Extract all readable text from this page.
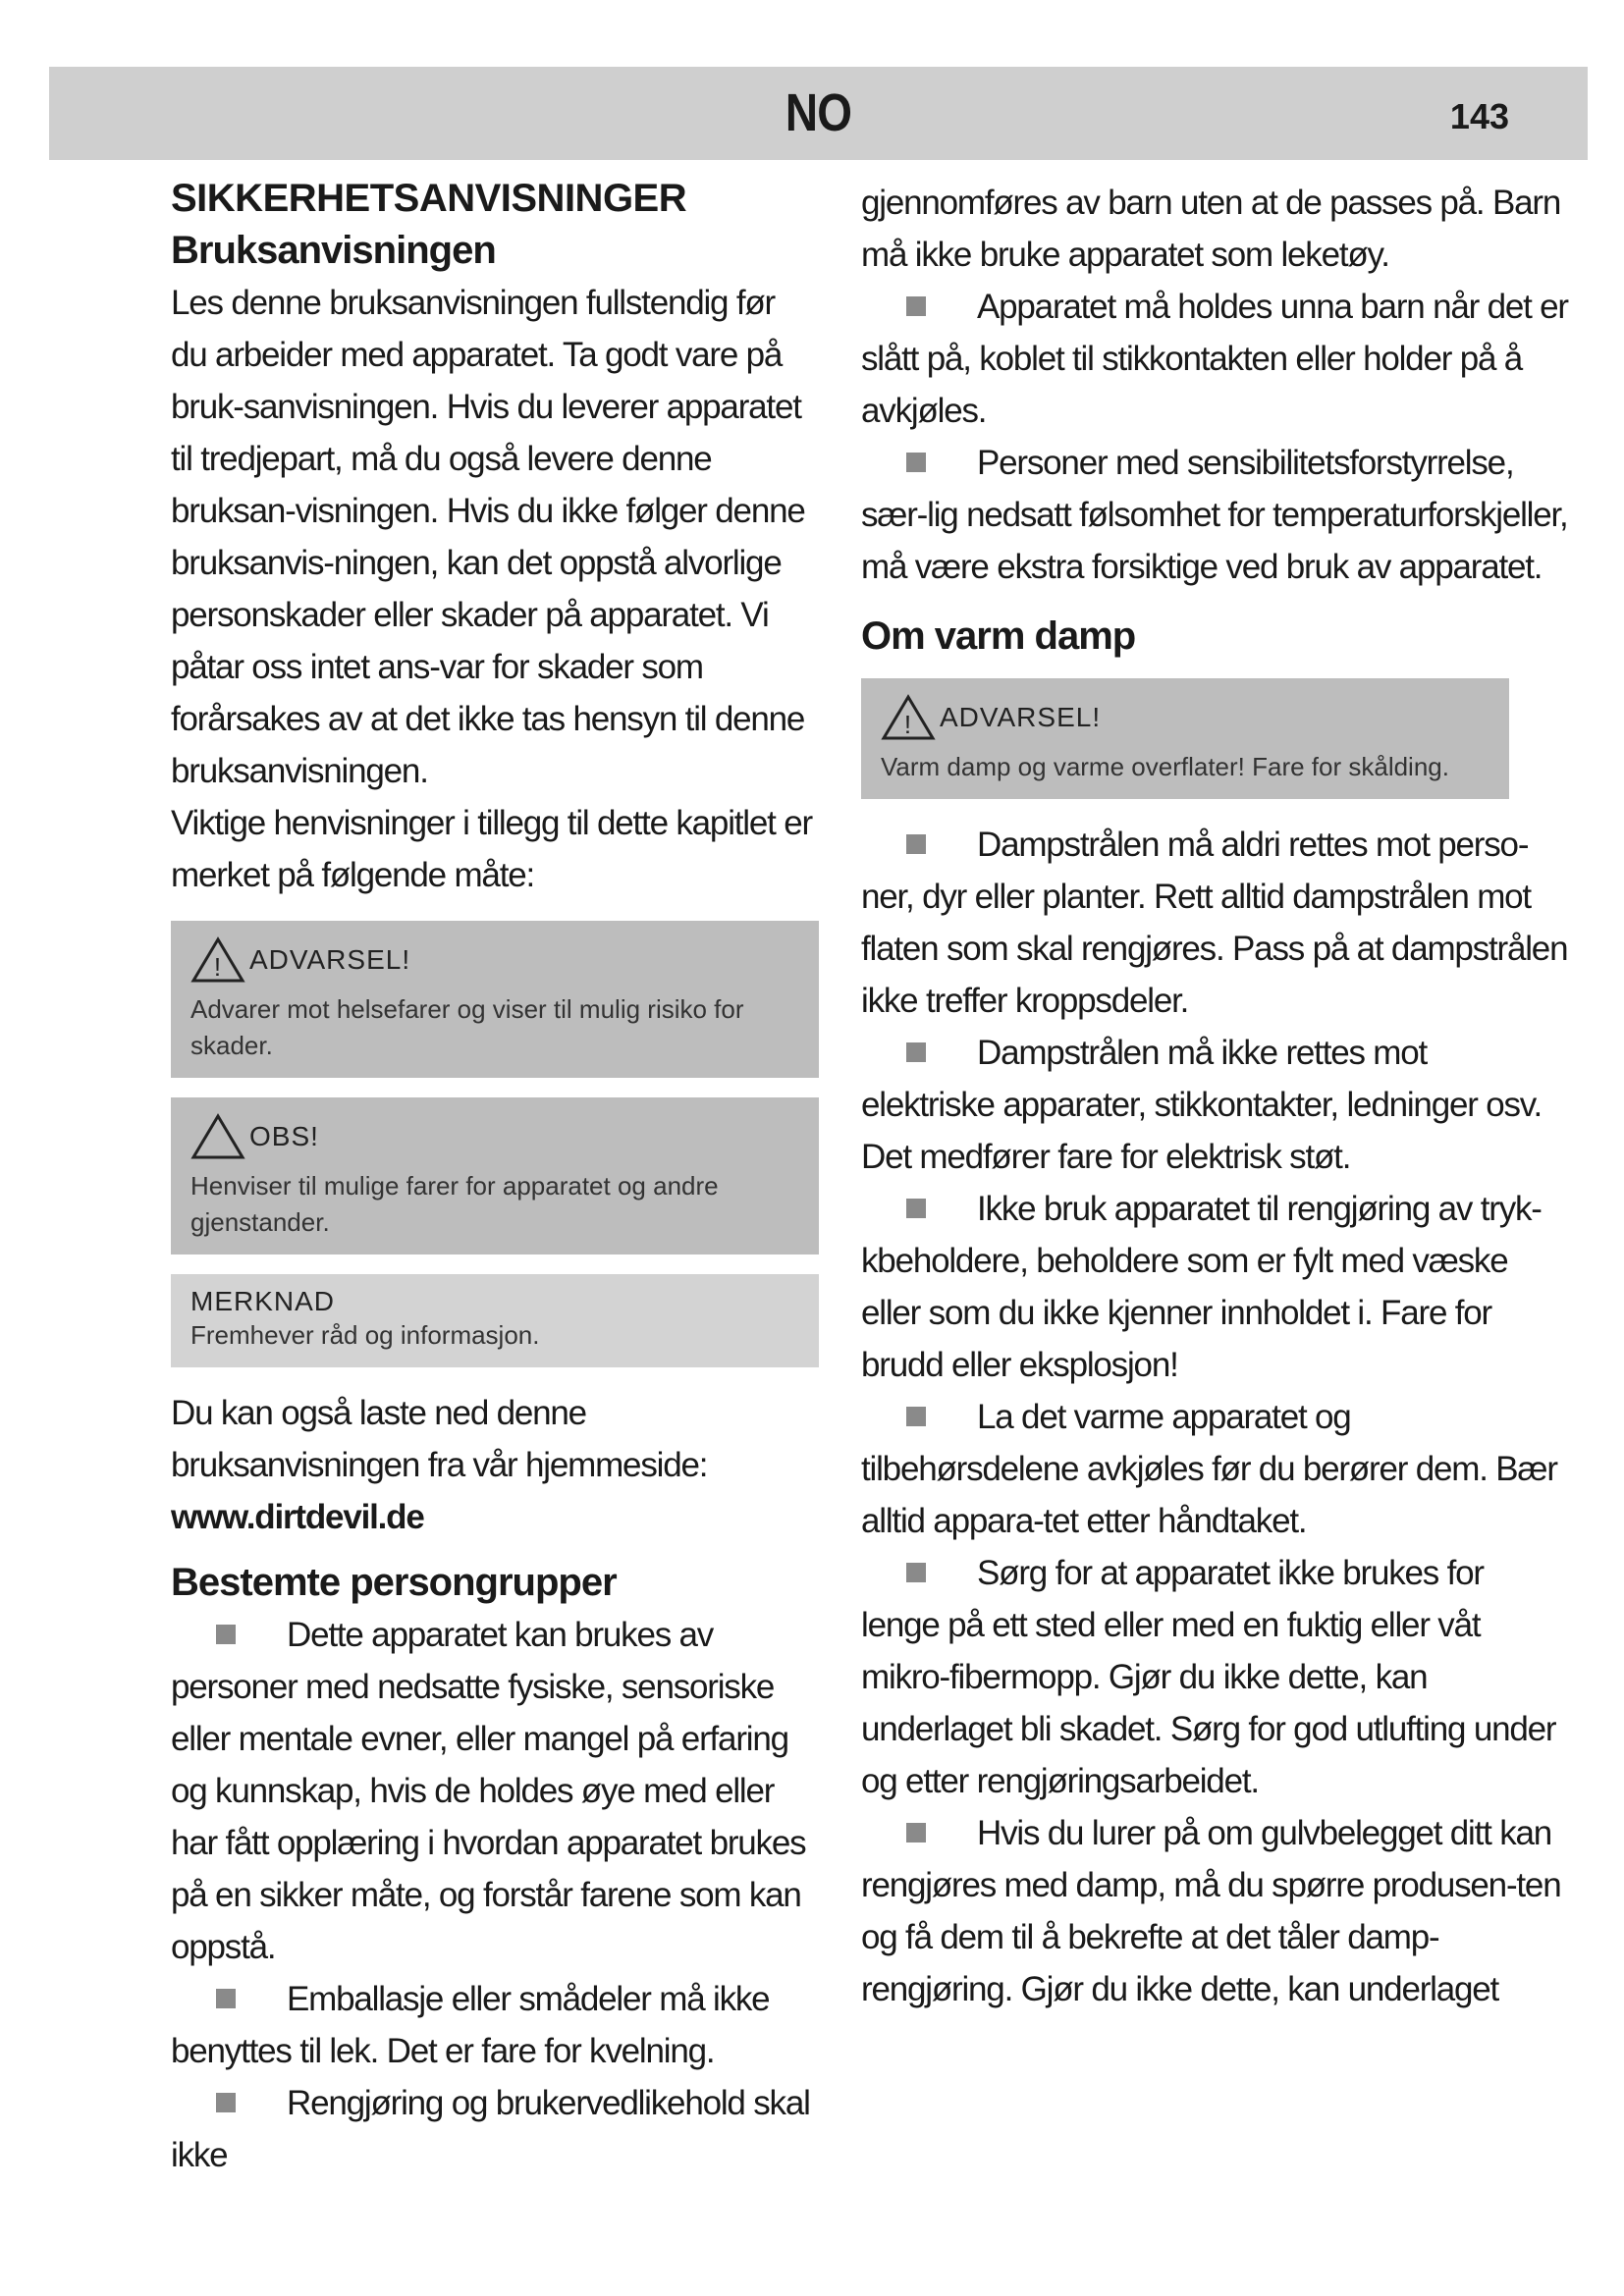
NO	143
SIKKERHETSANVISNINGER
Bruksanvisningen

Les denne bruksanvisningen fullstendig før du arbeider med apparatet. Ta godt vare på bruk-sanvisningen. Hvis du leverer apparatet til tredjepart, må du også levere denne bruksan-visningen. Hvis du ikke følger denne bruksanvis-ningen, kan det oppstå alvorlige personskader eller skader på apparatet. Vi påtar oss intet ans-var for skader som forårsakes av at det ikke tas hensyn til denne bruksanvisningen.

Viktige henvisninger i tillegg til dette kapitlet er merket på følgende måte:

! ADVARSEL!
Advarer mot helsefarer og viser til mulig risiko for skader.
OBS!
Henviser til mulige farer for apparatet og andre gjenstander.
MERKNAD
Fremhever råd og informasjon.

Du kan også laste ned denne bruksanvisningen fra vår hjemmeside:

www.dirtdevil.de

Bestemte persongrupper

Dette apparatet kan brukes av personer med nedsatte fysiske, sensoriske eller mentale evner, eller mangel på erfaring og kunnskap, hvis de holdes øye med eller har fått opplæring i hvordan apparatet brukes på en sikker måte, og forstår farene som kan oppstå.

Emballasje eller smådeler må ikke benyttes til lek. Det er fare for kvelning.

Rengjøring og brukervedlikehold skal ikke

gjennomføres av barn uten at de passes på. Barn må ikke bruke apparatet som leketøy.

Apparatet må holdes unna barn når det er slått på, koblet til stikkontakten eller holder på å avkjøles.

Personer med sensibilitetsforstyrrelse, sær-lig nedsatt følsomhet for temperaturforskjeller, må være ekstra forsiktige ved bruk av apparatet.

Om varm damp
! ADVARSEL!
Varm damp og varme overflater! Fare for skålding.

Dampstrålen må aldri rettes mot perso-ner, dyr eller planter. Rett alltid dampstrålen mot flaten som skal rengjøres. Pass på at dampstrålen ikke treffer kroppsdeler.

Dampstrålen må ikke rettes mot elektriske apparater, stikkontakter, ledninger osv. Det medfører fare for elektrisk støt.

Ikke bruk apparatet til rengjøring av tryk-kbeholdere, beholdere som er fylt med væske eller som du ikke kjenner innholdet i. Fare for brudd eller eksplosjon!

La det varme apparatet og tilbehørsdelene avkjøles før du berører dem. Bær alltid appara-tet etter håndtaket.

Sørg for at apparatet ikke brukes for lenge på ett sted eller med en fuktig eller våt mikro-fibermopp. Gjør du ikke dette, kan underlaget bli skadet. Sørg for god utlufting under og etter rengjøringsarbeidet.

Hvis du lurer på om gulvbelegget ditt kan rengjøres med damp, må du spørre produsen-ten og få dem til å bekrefte at det tåler damp-rengjøring. Gjør du ikke dette, kan underlaget
